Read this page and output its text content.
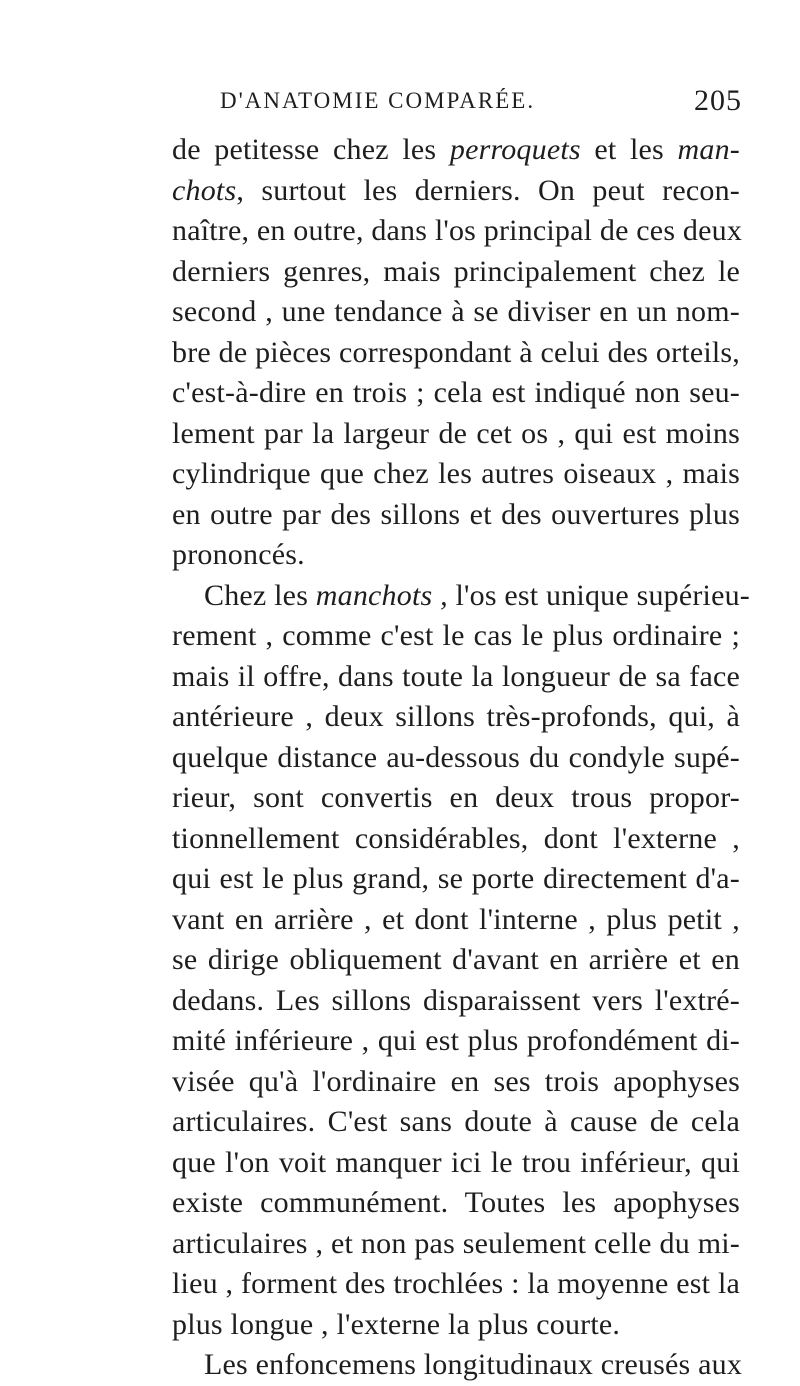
D'ANATOMIE COMPARÉE.	205
de petitesse chez les perroquets et les man-
chots, surtout les derniers. On peut recon-
naître, en outre, dans l'os principal de ces deux
derniers genres, mais principalement chez le
second , une tendance à se diviser en un nom-
bre de pièces correspondant à celui des orteils,
c'est-à-dire en trois ; cela est indiqué non seu-
lement par la largeur de cet os , qui est moins
cylindrique que chez les autres oiseaux , mais
en outre par des sillons et des ouvertures plus
prononcés.
Chez les manchots , l'os est unique supérieu-
rement , comme c'est le cas le plus ordinaire ;
mais il offre, dans toute la longueur de sa face
antérieure , deux sillons très-profonds, qui, à
quelque distance au-dessous du condyle supé-
rieur, sont convertis en deux trous propor-
tionnellement considérables, dont l'externe ,
qui est le plus grand, se porte directement d'a-
vant en arrière , et dont l'interne , plus petit ,
se dirige obliquement d'avant en arrière et en
dedans. Les sillons disparaissent vers l'extré-
mité inférieure , qui est plus profondément di-
visée qu'à l'ordinaire en ses trois apophyses
articulaires. C'est sans doute à cause de cela
que l'on voit manquer ici le trou inférieur, qui
existe communément. Toutes les apophyses
articulaires , et non pas seulement celle du mi-
lieu , forment des trochlées : la moyenne est la
plus longue , l'externe la plus courte.
Les enfoncemens longitudinaux creusés aux
